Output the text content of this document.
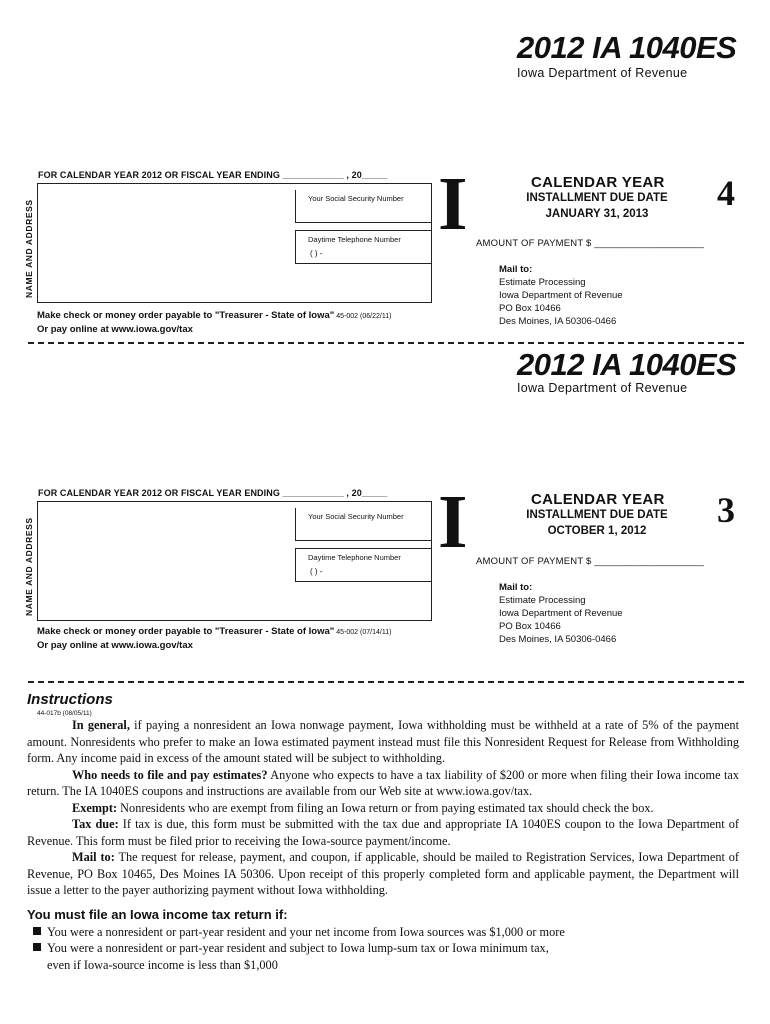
2012 IA 1040ES
Iowa Department of Revenue
FOR CALENDAR YEAR 2012 OR FISCAL YEAR ENDING ____________ , 20_____
NAME AND ADDRESS
Your Social Security Number
Daytime Telephone Number
( ) -
I	CALENDAR YEAR
INSTALLMENT DUE DATE
JANUARY 31, 2013
4
AMOUNT OF PAYMENT $ ____________________
Mail to:
Estimate Processing
Iowa Department of Revenue
PO Box 10466
Des Moines, IA 50306-0466
Make check or money order payable to "Treasurer - State of Iowa" 45-002 (06/22/11)
Or pay online at www.iowa.gov/tax
2012 IA 1040ES
Iowa Department of Revenue
FOR CALENDAR YEAR 2012 OR FISCAL YEAR ENDING ____________ , 20_____
NAME AND ADDRESS
Your Social Security Number
Daytime Telephone Number
( ) -
I	CALENDAR YEAR
INSTALLMENT DUE DATE
OCTOBER 1, 2012
3
AMOUNT OF PAYMENT $ ____________________
Mail to:
Estimate Processing
Iowa Department of Revenue
PO Box 10466
Des Moines, IA 50306-0466
Make check or money order payable to "Treasurer - State of Iowa" 45-002 (07/14/11)
Or pay online at www.iowa.gov/tax
Instructions
44-017b (08/05/11)

In general, if paying a nonresident an Iowa nonwage payment, Iowa withholding must be withheld at a rate of 5% of the payment amount. Nonresidents who prefer to make an Iowa estimated payment instead must file this Nonresident Request for Release from Withholding form. Any income paid in excess of the amount stated will be subject to withholding.

Who needs to file and pay estimates? Anyone who expects to have a tax liability of $200 or more when filing their Iowa income tax return. The IA 1040ES coupons and instructions are available from our Web site at www.iowa.gov/tax.

Exempt: Nonresidents who are exempt from filing an Iowa return or from paying estimated tax should check the box.

Tax due: If tax is due, this form must be submitted with the tax due and appropriate IA 1040ES coupon to the Iowa Department of Revenue. This form must be filed prior to receiving the Iowa-source payment/income.

Mail to: The request for release, payment, and coupon, if applicable, should be mailed to Registration Services, Iowa Department of Revenue, PO Box 10465, Des Moines IA 50306. Upon receipt of this properly completed form and applicable payment, the Department will issue a letter to the payer authorizing payment without Iowa withholding.

You must file an Iowa income tax return if:
You were a nonresident or part-year resident and your net income from Iowa sources was $1,000 or more
You were a nonresident or part-year resident and subject to Iowa lump-sum tax or Iowa minimum tax,
even if Iowa-source income is less than $1,000
